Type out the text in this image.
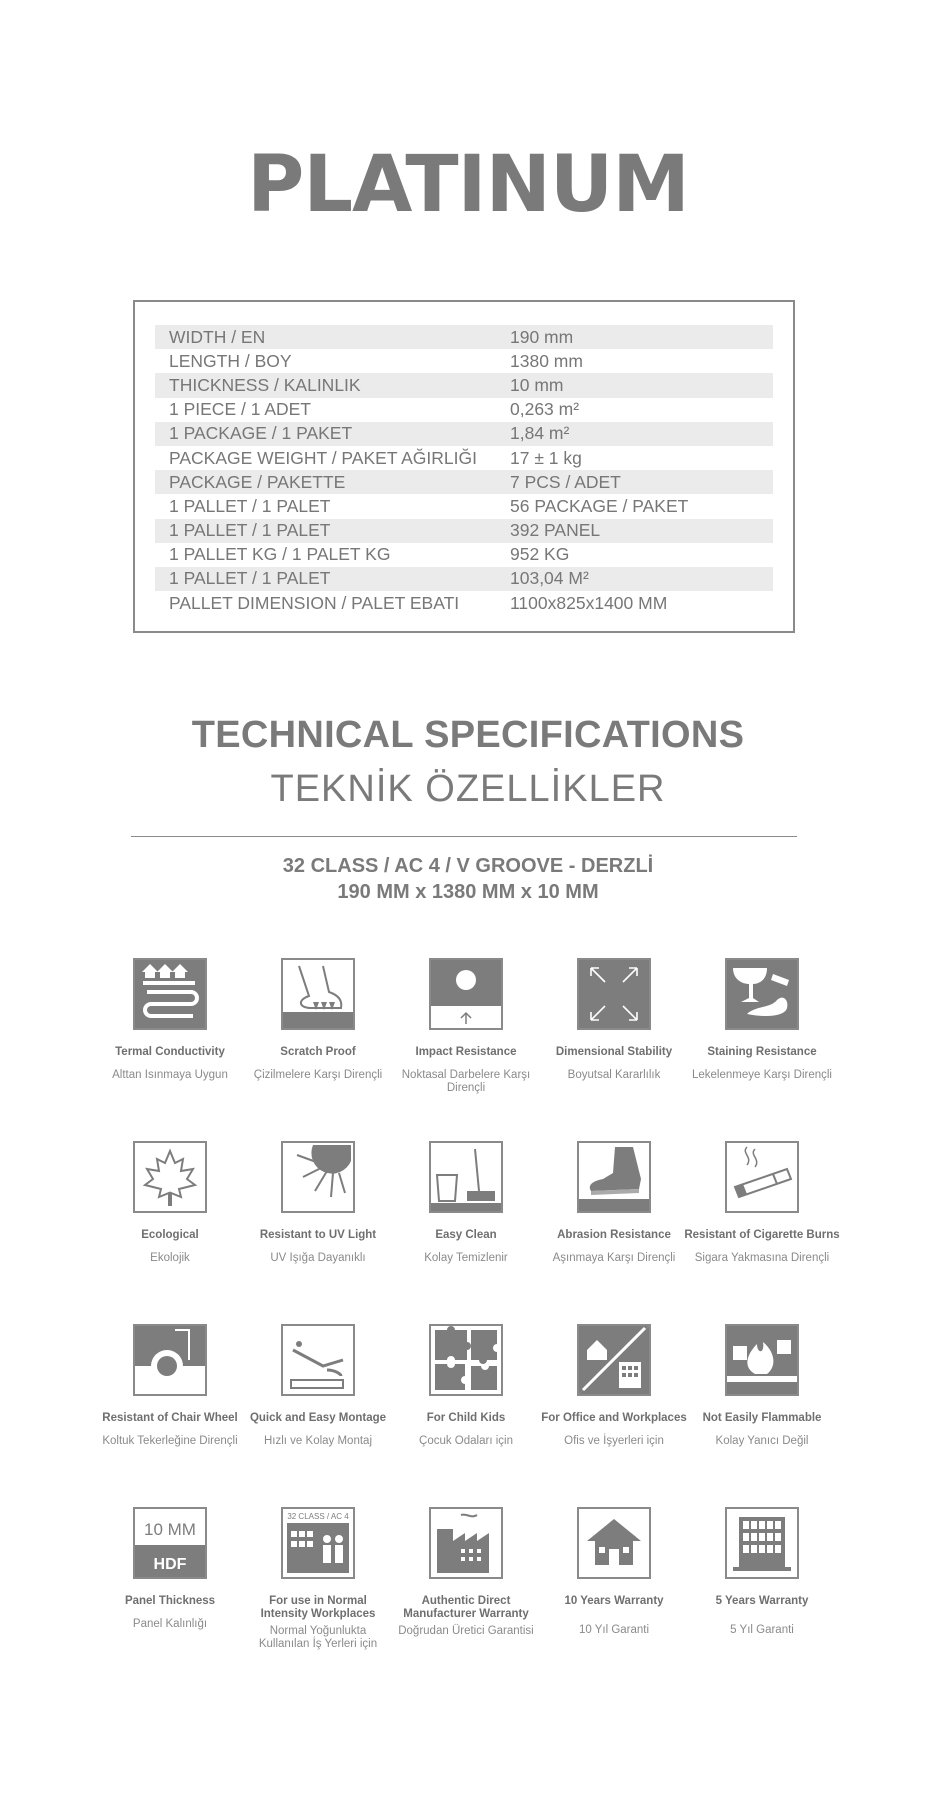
PLATINUM
WIDTH / EN	190 mm
LENGTH / BOY	1380 mm
THICKNESS / KALINLIK	10 mm
1 PIECE / 1 ADET	0,263 m²
1 PACKAGE / 1 PAKET	1,84 m²
PACKAGE WEIGHT / PAKET AĞIRLIĞI	17 ± 1 kg
PACKAGE / PAKETTE	7 PCS / ADET
1 PALLET / 1 PALET	56 PACKAGE / PAKET
1 PALLET / 1 PALET	392 PANEL
1 PALLET KG / 1 PALET KG	952 KG
1 PALLET / 1 PALET	103,04 M²
PALLET DIMENSION / PALET EBATI	1100x825x1400 MM
TECHNICAL SPECIFICATIONS
TEKNİK ÖZELLİKLER
32 CLASS / AC 4 / V GROOVE - DERZLİ
190 MM x 1380 MM x 10 MM
Termal Conductivity
Alttan Isınmaya Uygun
Scratch Proof
Çizilmelere Karşı Dirençli
Impact Resistance
Noktasal Darbelere Karşı Dirençli
Dimensional Stability
Boyutsal Kararlılık
Staining Resistance
Lekelenmeye Karşı Dirençli
Ecological
Ekolojik
Resistant to UV Light
UV Işığa Dayanıklı
Easy Clean
Kolay Temizlenir
Abrasion Resistance
Aşınmaya Karşı Dirençli
Resistant of Cigarette Burns
Sigara Yakmasına Dirençli
Resistant of Chair Wheel
Koltuk Tekerleğine Dirençli
Quick and Easy Montage
Hızlı ve Kolay Montaj
For Child Kids
Çocuk Odaları için
For Office and Workplaces
Ofis ve İşyerleri için
Not Easily Flammable
Kolay Yanıcı Değil
10 MM
HDF
Panel Thickness
Panel Kalınlığı
32 CLASS / AC 4
For use in Normal Intensity Workplaces
Normal Yoğunlukta Kullanılan İş Yerleri için
Authentic Direct Manufacturer Warranty
Doğrudan Üretici Garantisi
10 Years Warranty
10 Yıl Garanti
5 Years Warranty
5 Yıl Garanti
